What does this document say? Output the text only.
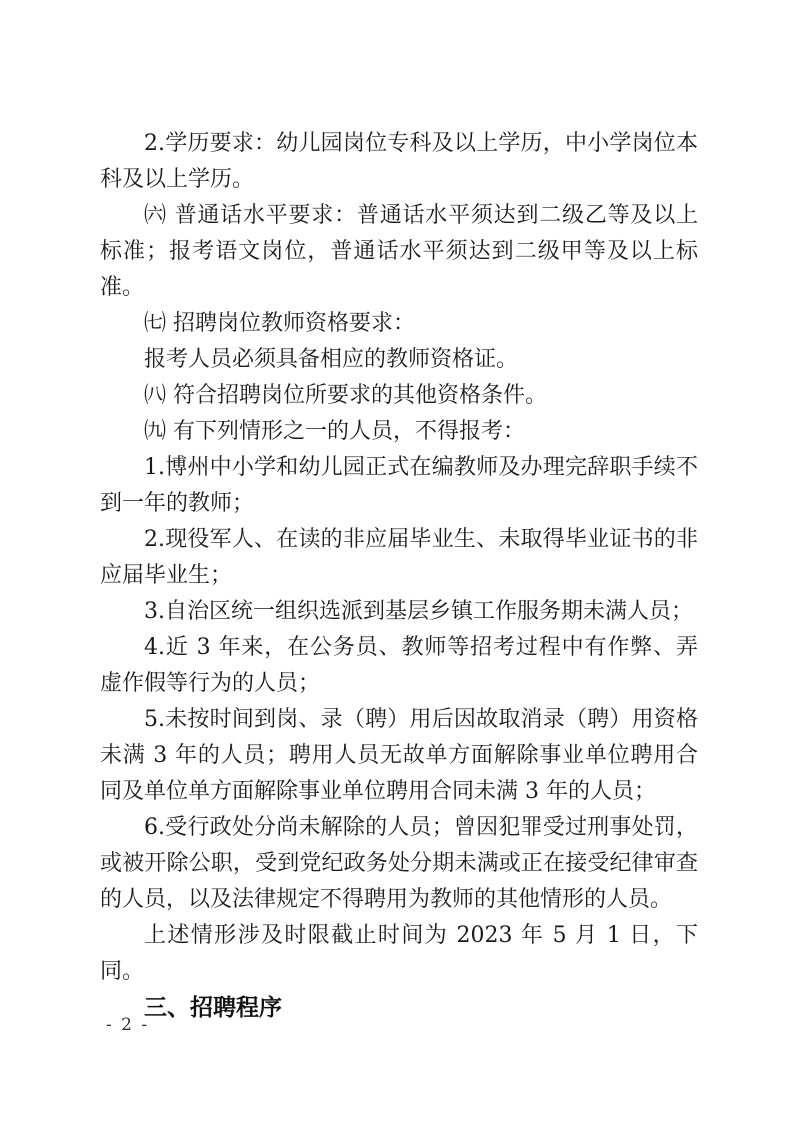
2.学历要求：幼儿园岗位专科及以上学历，中小学岗位本科及以上学历。

㈥ 普通话水平要求：普通话水平须达到二级乙等及以上标准；报考语文岗位，普通话水平须达到二级甲等及以上标准。

㈦ 招聘岗位教师资格要求：

报考人员必须具备相应的教师资格证。

㈧ 符合招聘岗位所要求的其他资格条件。

㈨ 有下列情形之一的人员，不得报考：

1.博州中小学和幼儿园正式在编教师及办理完辞职手续不到一年的教师；

2.现役军人、在读的非应届毕业生、未取得毕业证书的非应届毕业生；

3.自治区统一组织选派到基层乡镇工作服务期未满人员；

4.近 3 年来，在公务员、教师等招考过程中有作弊、弄虚作假等行为的人员；

5.未按时间到岗、录（聘）用后因故取消录（聘）用资格未满 3 年的人员；聘用人员无故单方面解除事业单位聘用合同及单位单方面解除事业单位聘用合同未满 3 年的人员；

6.受行政处分尚未解除的人员；曾因犯罪受过刑事处罚，或被开除公职，受到党纪政务处分期未满或正在接受纪律审查的人员，以及法律规定不得聘用为教师的其他情形的人员。

上述情形涉及时限截止时间为 2023 年 5 月 1 日，下同。

三、招聘程序

- 2 -
